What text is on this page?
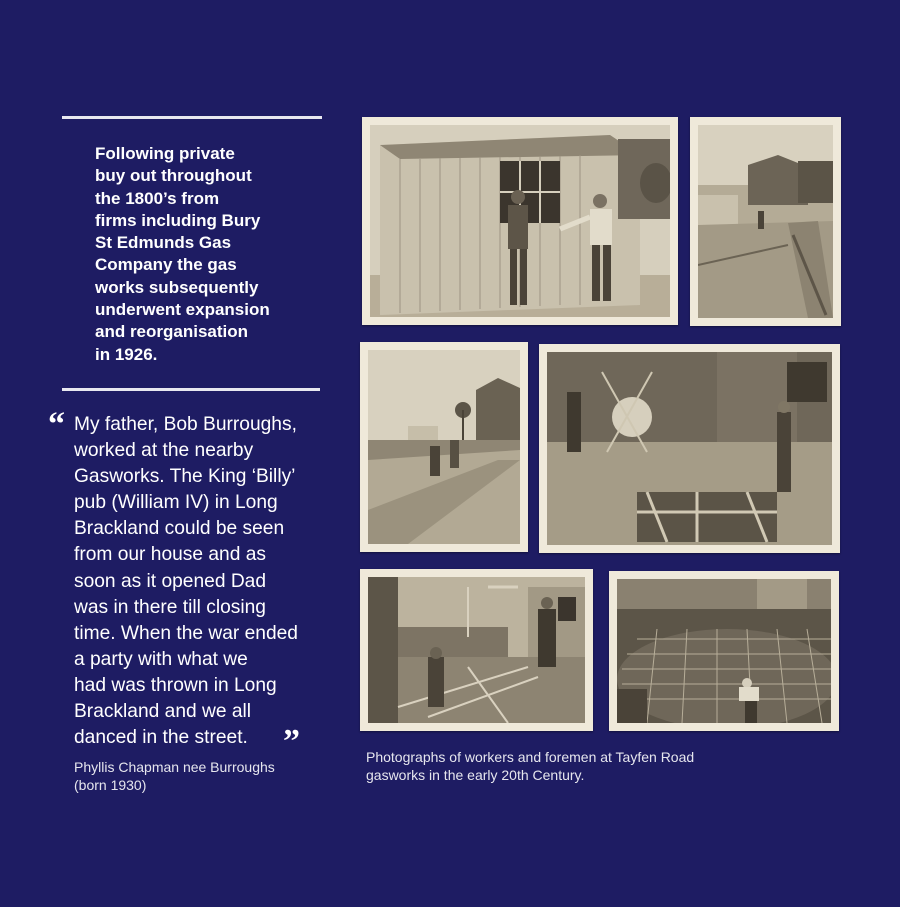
Following private
buy out throughout
the 1800’s from
firms including Bury
St Edmunds Gas
Company the gas
works subsequently
underwent expansion
and reorganisation
in 1926.
“ My father, Bob Burroughs,
worked at the nearby
Gasworks. The King ‘Billy’
pub (William IV) in Long
Brackland could be seen
from our house and as
soon as it opened Dad
was in there till closing
time. When the war ended
a party with what we
had was thrown in Long
Brackland and we all
danced in the street.	”
Phyllis Chapman nee Burroughs
(born 1930)
Photographs of workers and foremen at Tayfen Road
gasworks in the early 20th Century.
